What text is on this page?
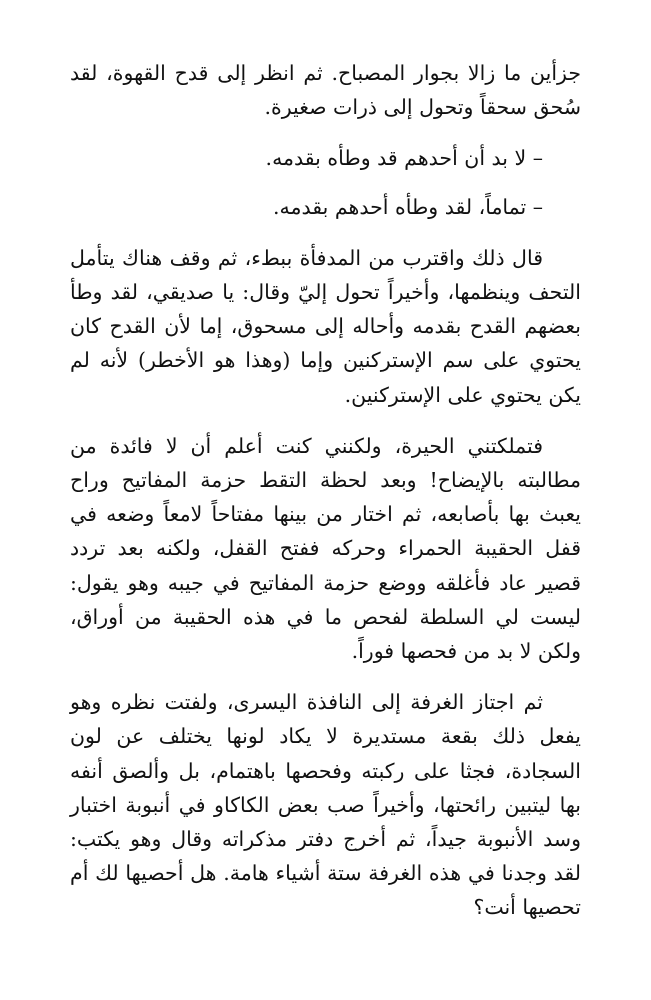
جزأين ما زالا بجوار المصباح. ثم انظر إلى قدح القهوة، لقد سُحق سحقاً وتحول إلى ذرات صغيرة.

– لا بد أن أحدهم قد وطأه بقدمه.

– تماماً، لقد وطأه أحدهم بقدمه.

قال ذلك واقترب من المدفأة ببطء، ثم وقف هناك يتأمل التحف وينظمها، وأخيراً تحول إليّ وقال: يا صديقي، لقد وطأ بعضهم القدح بقدمه وأحاله إلى مسحوق، إما لأن القدح كان يحتوي على سم الإستركنين وإما (وهذا هو الأخطر) لأنه لم يكن يحتوي على الإستركنين.

فتملكتني الحيرة، ولكنني كنت أعلم أن لا فائدة من مطالبته بالإيضاح! وبعد لحظة التقط حزمة المفاتيح وراح يعبث بها بأصابعه، ثم اختار من بينها مفتاحاً لامعاً وضعه في قفل الحقيبة الحمراء وحركه ففتح القفل، ولكنه بعد تردد قصير عاد فأغلقه ووضع حزمة المفاتيح في جيبه وهو يقول: ليست لي السلطة لفحص ما في هذه الحقيبة من أوراق، ولكن لا بد من فحصها فوراً.

ثم اجتاز الغرفة إلى النافذة اليسرى، ولفتت نظره وهو يفعل ذلك بقعة مستديرة لا يكاد لونها يختلف عن لون السجادة، فجثا على ركبته وفحصها باهتمام، بل وألصق أنفه بها ليتبين رائحتها، وأخيراً صب بعض الكاكاو في أنبوبة اختبار وسد الأنبوبة جيداً، ثم أخرج دفتر مذكراته وقال وهو يكتب: لقد وجدنا في هذه الغرفة ستة أشياء هامة. هل أحصيها لك أم تحصيها أنت؟
